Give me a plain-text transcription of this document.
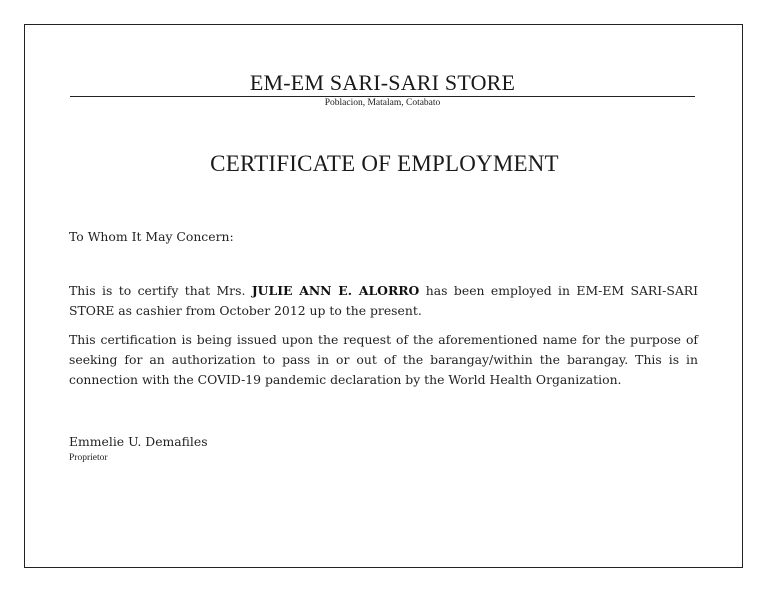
EM-EM SARI-SARI STORE
Poblacion, Matalam, Cotabato
CERTIFICATE OF EMPLOYMENT
To Whom It May Concern:
This is to certify that Mrs. JULIE ANN E. ALORRO has been employed in EM-EM SARI-SARI STORE as cashier from October 2012 up to the present.
This certification is being issued upon the request of the aforementioned name for the purpose of seeking for an authorization to pass in or out of the barangay/within the barangay. This is in connection with the COVID-19 pandemic declaration by the World Health Organization.
Emmelie U. Demafiles
Proprietor
